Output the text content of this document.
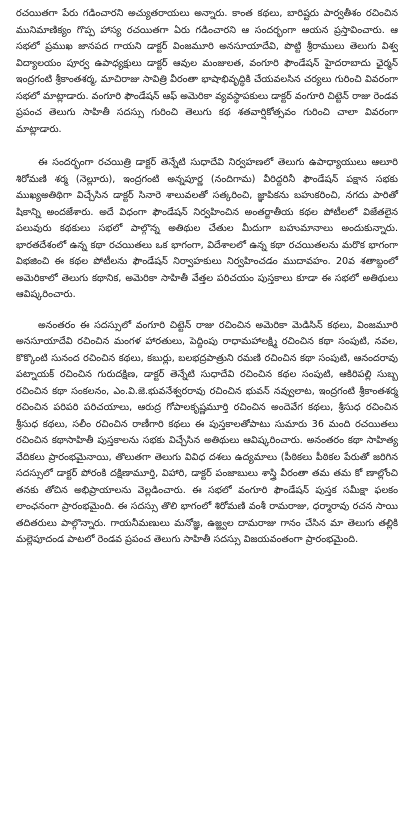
రచయితగా పేరు గడించారని అచ్యుతరాయలు అన్నారు. కాంత కథలు, బారిష్టరు పార్వతీశం రచించిన మునిమాణిక్యం గొప్ప హాస్య రచయితగా ఏరు గడించారని ఆ సందర్భంగా ఆయన ప్రస్తావించారు. ఆ సభలో ప్రముఖ జానపద గాయని డాక్టర్ వింజమూరి అనసూయాదేవి, పొట్టి శ్రీరాములు తెలుగు విశ్వ విద్యాలయం పూర్వ ఉపాధ్యక్షులు డాక్టర్ ఆవుల మంజులత, వంగూరి ఫౌండేషన్ హైదరాబాదు ఛైర్మన్ ఇంద్రగంటి శ్రీకాంతశర్మ, మాచిరాజు సావిత్రి వీరంతా భాషాభివృద్ధికి చేయవలసిన చర్యలు గురించి వివరంగా సభలో మాట్లాడారు. వంగూరి ఫౌండేషన్ ఆఫ్ అమెరికా వ్యవస్థాపకులు డాక్టర్ వంగూరి చిట్టెన్ రాజు రెండవ ప్రపంచ తెలుగు సాహితీ సదస్సు గురించి తెలుగు కథ శతవార్షికోత్సవం గురించి చాలా వివరంగా మాట్లాడారు.

ఈ సందర్భంగా రచయిత్రి డాక్టర్ తెన్నేటి సుధాదేవి నిర్వహణలో తెలుగు ఉపాధ్యాయులు ఆలూరి శిరోమణి శర్మ (నెల్లూరు), ఇంద్రగంటి అన్నపూర్ణ (నందిగామ) వీరిద్దరినీ ఫౌండేషన్ పక్షాన సభకు ముఖ్యఅతిథిగా విచ్చేసిన డాక్టర్ సినారె శాలువలతో సత్కరించి, జ్ఞాపికను బహుకరించి, నగదు పారితో షికాన్ని అందజేశారు. అదే విధంగా ఫౌండేషన్ నిర్వహించిన అంతర్జాతీయ కథల పోటీలలో విజేతలైన పలువురు కథకులు సభలో పాల్గొన్న అతిథుల చేతుల మీదుగా బహుమానాలు అందుకున్నారు. భారతదేశంలో ఉన్న కథా రచయితలు ఒక భాగంగా, విదేశాలలో ఉన్న కథా రచయితలను మరొక భాగంగా విభజించి ఈ కథల పోటీలను ఫౌండేషన్ నిర్వాహకులు నిర్వహించడం ముదావహం. 20వ శతాబ్దంలో అమెరికాలో తెలుగు కథానిక, అమెరికా సాహితీ వేత్తల పరిచయం పుస్తకాలు కూడా ఈ సభలో అతిథులు ఆవిష్కరించారు.

అనంతరం ఈ సదస్సులో వంగూరి చిట్టెన్ రాజు రచించిన అమెరికా మెడిసిన్ కథలు, వింజమూరి అనసూయాదేవి రచించిన మంగళ హారతులు, పెద్దింపు రాధామహాలక్ష్మి రచించిన కథా సంపుటి, నవల, కొక్కొంటి సునంద రచించిన కథలు, కబుర్లు, బలభద్రపాత్రుని రమణి రచించిన కథా సంపుటి, ఆనందరావు పట్నాయక్ రచించిన గురుదక్షిణ, డాక్టర్ తెన్నేటి సుధాదేవి రచించిన కథల సంపుటి, ఆకిరిపల్లి సుబ్బ రచించిన కథా సంకలనం, ఎం.వి.జె.భువనేశ్వరరావు రచించిన భువన్ నవ్వులాట, ఇంద్రగంటి శ్రీకాంతశర్మ రచించిన పరిపరి పరిచయాలు, ఆరుద్ర గోపాలకృష్ణమూర్తి రచించిన అందెవేగ కథలు, శ్రీసుధ రచించిన శ్రీసుధ కథలు, సలీం రచించిన రాణీగారి కథలు ఈ పుస్తకాలతోపాటు సుమారు 36 మంది రచయితలు రచించిన కథాసాహితీ పుస్తకాలను సభకు విచ్చేసిన అతిథులు ఆవిష్కరించారు. అనంతరం కథా సాహిత్య వేదికలు ప్రారంభమైనాయి, తొలుతగా తెలుగు వివిధ దశలు ఉద్యమాలు (పీఠికలు పీఠికల పేరుతో జరిగిన సదస్సులో డాక్టర్ పోరంకి దక్షిణామూర్తి, విహారి, డాక్టర్ పంజాబులు శాస్త్రి వీరంతా తమ తమ కో ణాల్లోంచి తనకు తోచిన అభిప్రాయాలను వెల్లడించారు. ఈ సభలో వంగూరి ఫౌండేషన్ పుస్తక సమీక్షా ఫలకం లాంఛనంగా ప్రారంభమైంది. ఈ సదస్సు తొలి భాగంలో శిరోమణి వంశీ రామరాజు, ధర్మారావు రచన సాయి తదితరులు పాల్గొన్నారు. గాయనీమణులు మనోజ్ఞ, ఉజ్జ్వల దామరాజు గానం చేసిన మా తెలుగు తల్లికి మల్లెపూదండ పాటలో రెండవ ప్రపంచ తెలుగు సాహితీ సదస్సు విజయవంతంగా ప్రారంభమైంది.
